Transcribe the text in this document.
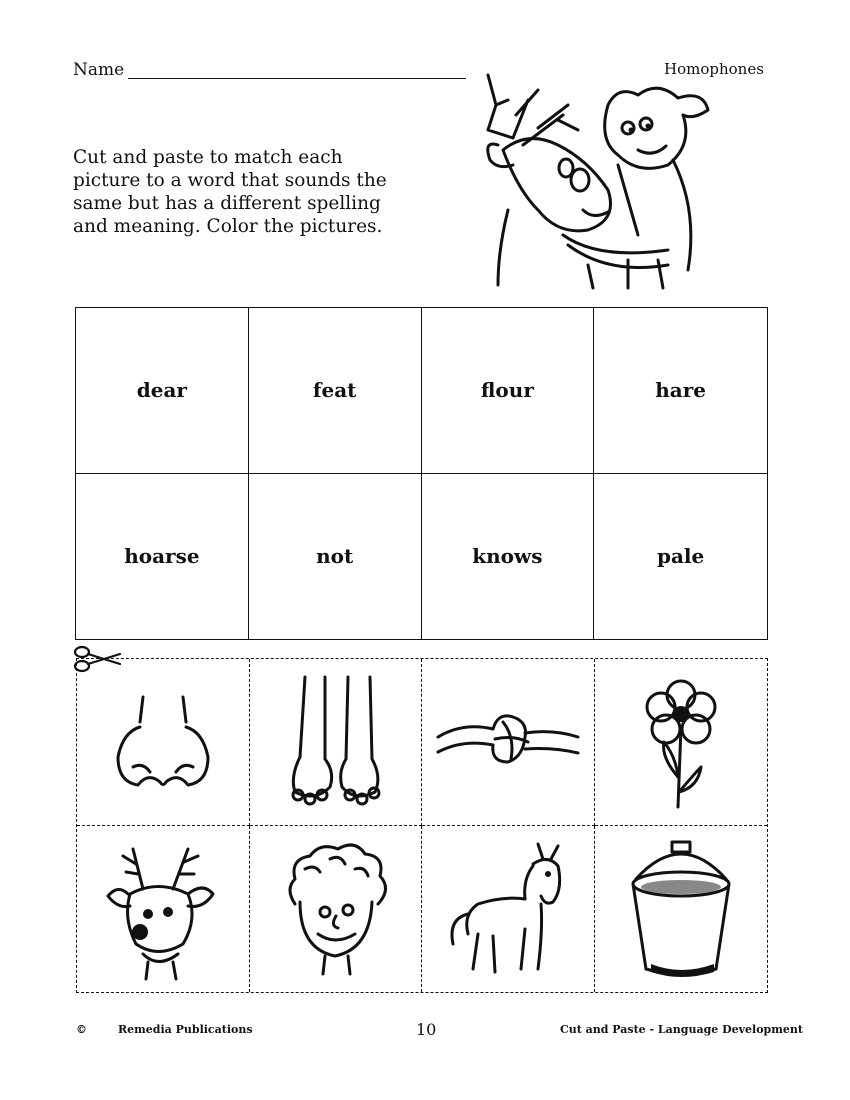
Name	Homophones
Cut and paste to match each picture to a word that sounds the same but has a different spelling and meaning. Color the pictures.
dear	feat	flour	hare
hoarse	not	knows	pale
©	Remedia Publications	10	Cut and Paste - Language Development
